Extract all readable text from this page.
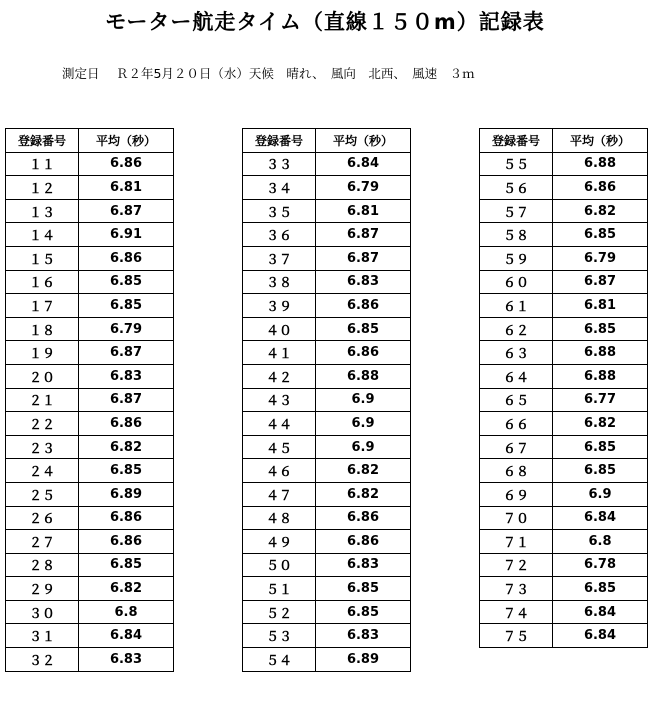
モーター航走タイム（直線１５０m）記録表
測定日　 Ｒ２年5月２０日（水）天候　晴れ、　風向　北西、　風速　３ｍ
登録番号	平均（秒）
１１	6.86
１２	6.81
１３	6.87
１４	6.91
１５	6.86
１６	6.85
１７	6.85
１８	6.79
１９	6.87
２０	6.83
２１	6.87
２２	6.86
２３	6.82
２４	6.85
２５	6.89
２６	6.86
２７	6.86
２８	6.85
２９	6.82
３０	6.8
３１	6.84
３２	6.83
登録番号	平均（秒）
３３	6.84
３４	6.79
３５	6.81
３６	6.87
３７	6.87
３８	6.83
３９	6.86
４０	6.85
４１	6.86
４２	6.88
４３	6.9
４４	6.9
４５	6.9
４６	6.82
４７	6.82
４８	6.86
４９	6.86
５０	6.83
５１	6.85
５２	6.85
５３	6.83
５４	6.89
登録番号	平均（秒）
５５	6.88
５６	6.86
５７	6.82
５８	6.85
５９	6.79
６０	6.87
６１	6.81
６２	6.85
６３	6.88
６４	6.88
６５	6.77
６６	6.82
６７	6.85
６８	6.85
６９	6.9
７０	6.84
７１	6.8
７２	6.78
７３	6.85
７４	6.84
７５	6.84
